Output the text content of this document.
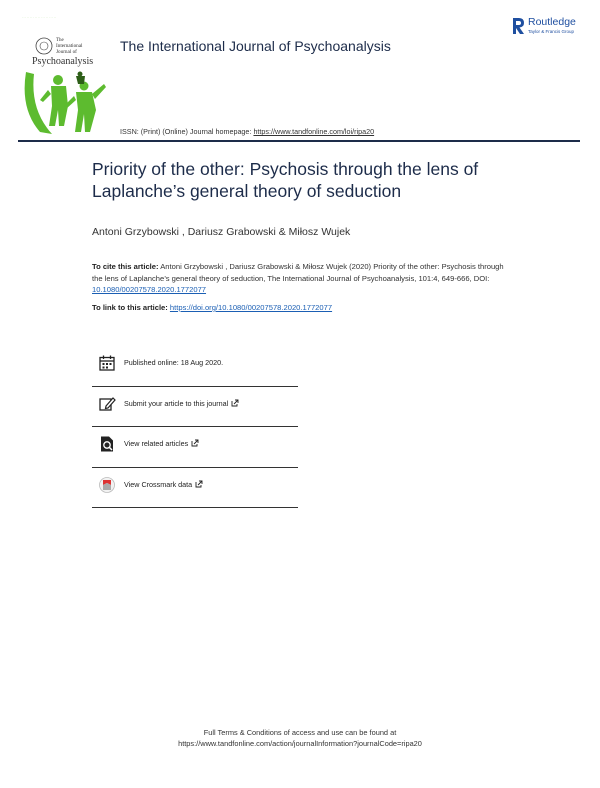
· · · · · · · · · · · · · · · · · · · · · ·
The
International
Journal of
Psychoanalysis
The International Journal of Psychoanalysis
Routledge
Taylor & Francis Group
ISSN: (Print) (Online) Journal homepage: https://www.tandfonline.com/loi/ripa20
Priority of the other: Psychosis through the lens of Laplanche’s general theory of seduction
Antoni Grzybowski , Dariusz Grabowski & Miłosz Wujek
To cite this article: Antoni Grzybowski , Dariusz Grabowski & Miłosz Wujek (2020) Priority of the other: Psychosis through the lens of Laplanche’s general theory of seduction, The International Journal of Psychoanalysis, 101:4, 649-666, DOI: 10.1080/00207578.2020.1772077
To link to this article: https://doi.org/10.1080/00207578.2020.1772077
Published online: 18 Aug 2020.
Submit your article to this journal
View related articles
View Crossmark data
Full Terms & Conditions of access and use can be found at
https://www.tandfonline.com/action/journalInformation?journalCode=ripa20
